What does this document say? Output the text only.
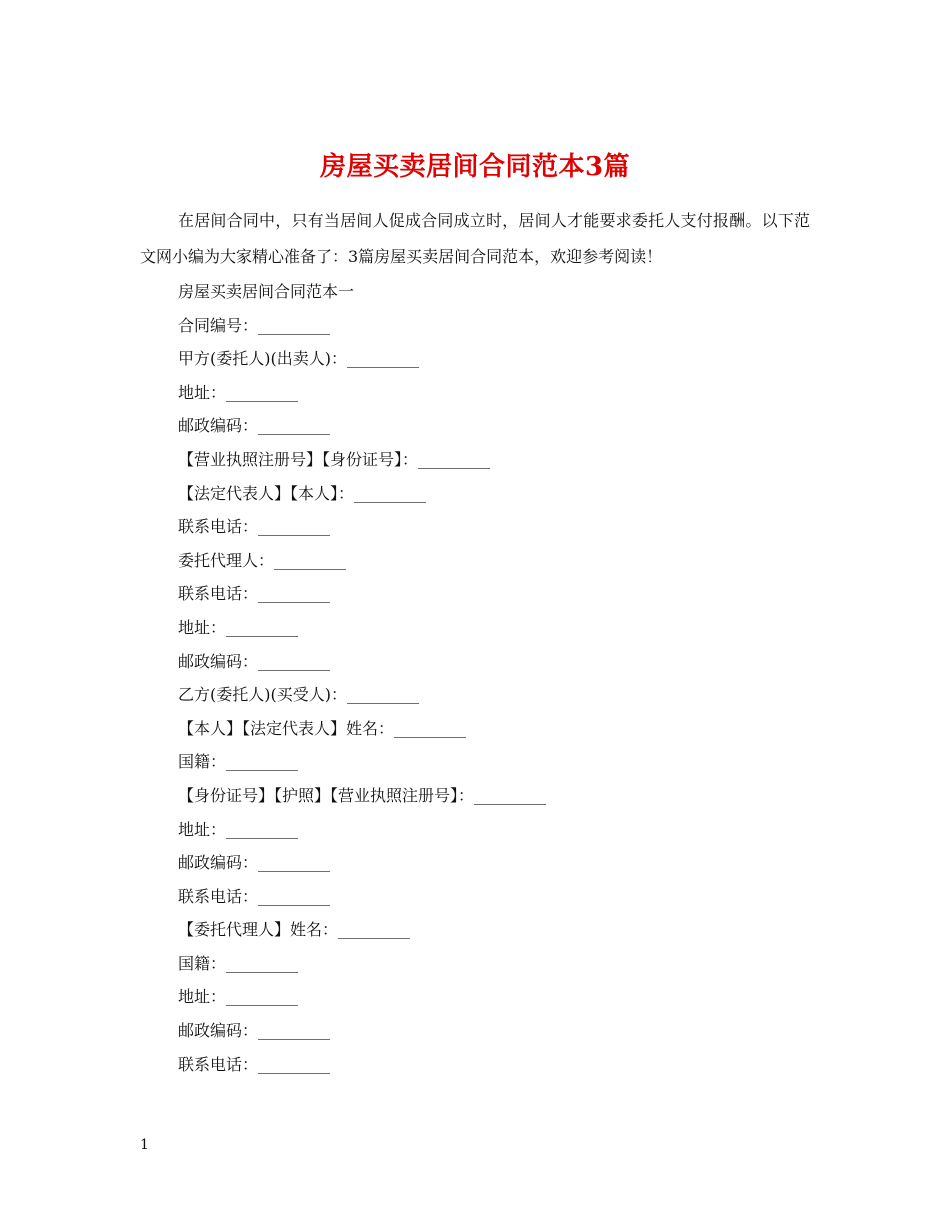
房屋买卖居间合同范本3篇

在居间合同中，只有当居间人促成合同成立时，居间人才能要求委托人支付报酬。以下范文网小编为大家精心准备了：3篇房屋买卖居间合同范本，欢迎参考阅读！

房屋买卖居间合同范本一
合同编号：_________
甲方(委托人)(出卖人)：_________
地址：_________
邮政编码：_________
【营业执照注册号】【身份证号】：_________
【法定代表人】【本人】：_________
联系电话：_________
委托代理人：_________
联系电话：_________
地址：_________
邮政编码：_________
乙方(委托人)(买受人)：_________
【本人】【法定代表人】姓名：_________
国籍：_________
【身份证号】【护照】【营业执照注册号】：_________
地址：_________
邮政编码：_________
联系电话：_________
【委托代理人】姓名：_________
国籍：_________
地址：_________
邮政编码：_________
联系电话：_________
1
